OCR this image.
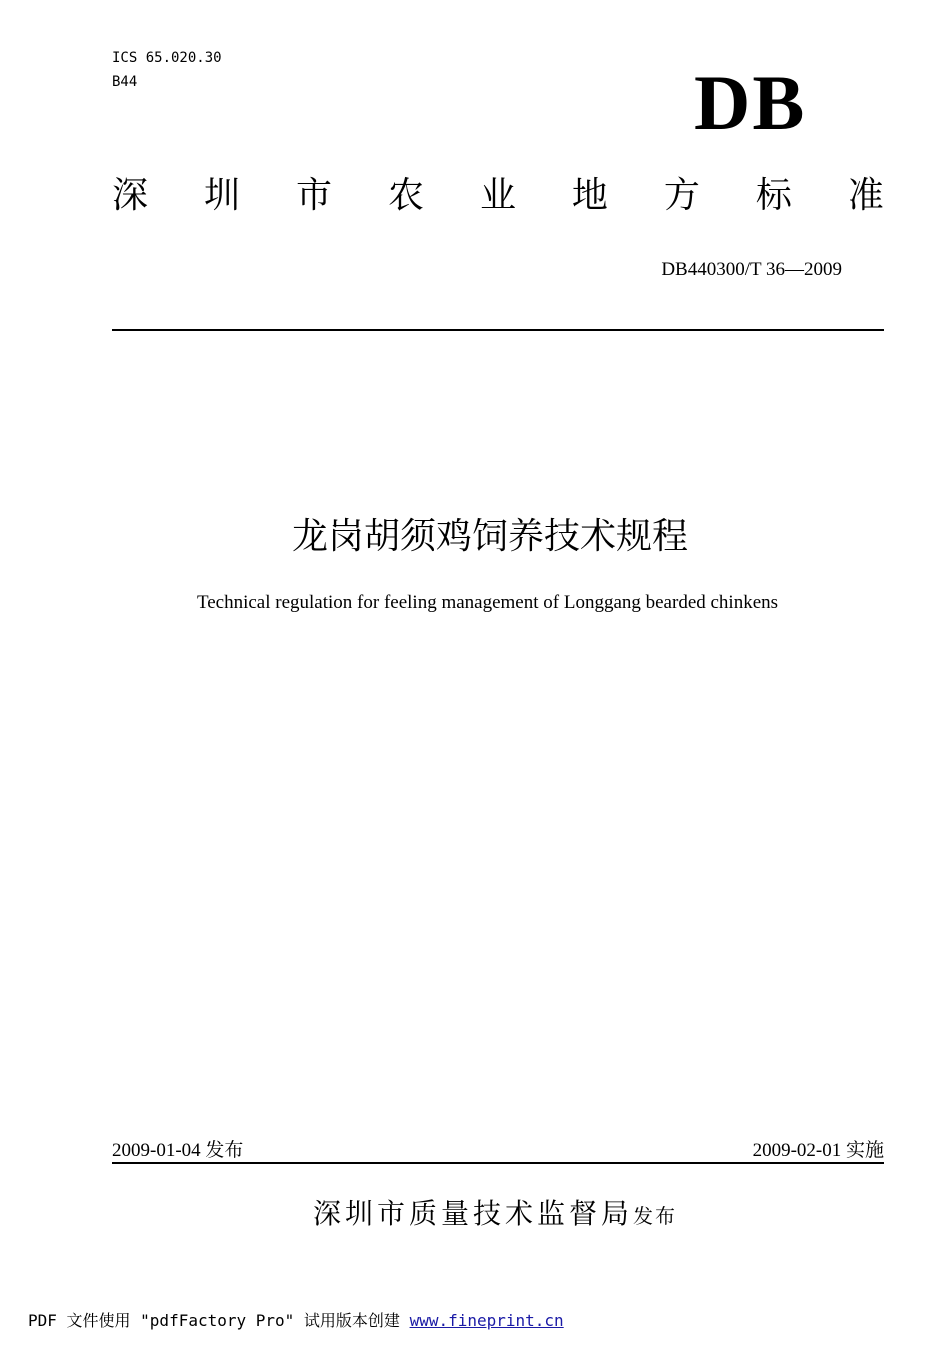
ICS 65.020.30
B44	DB
深 圳 市 农 业 地 方 标 准
DB440300/T 36—2009
龙岗胡须鸡饲养技术规程
Technical regulation for feeling management of Longgang bearded chinkens
2009-01-04 发布	2009-02-01 实施
深圳市质量技术监督局发布
PDF 文件使用 "pdfFactory Pro" 试用版本创建 www.fineprint.cn
